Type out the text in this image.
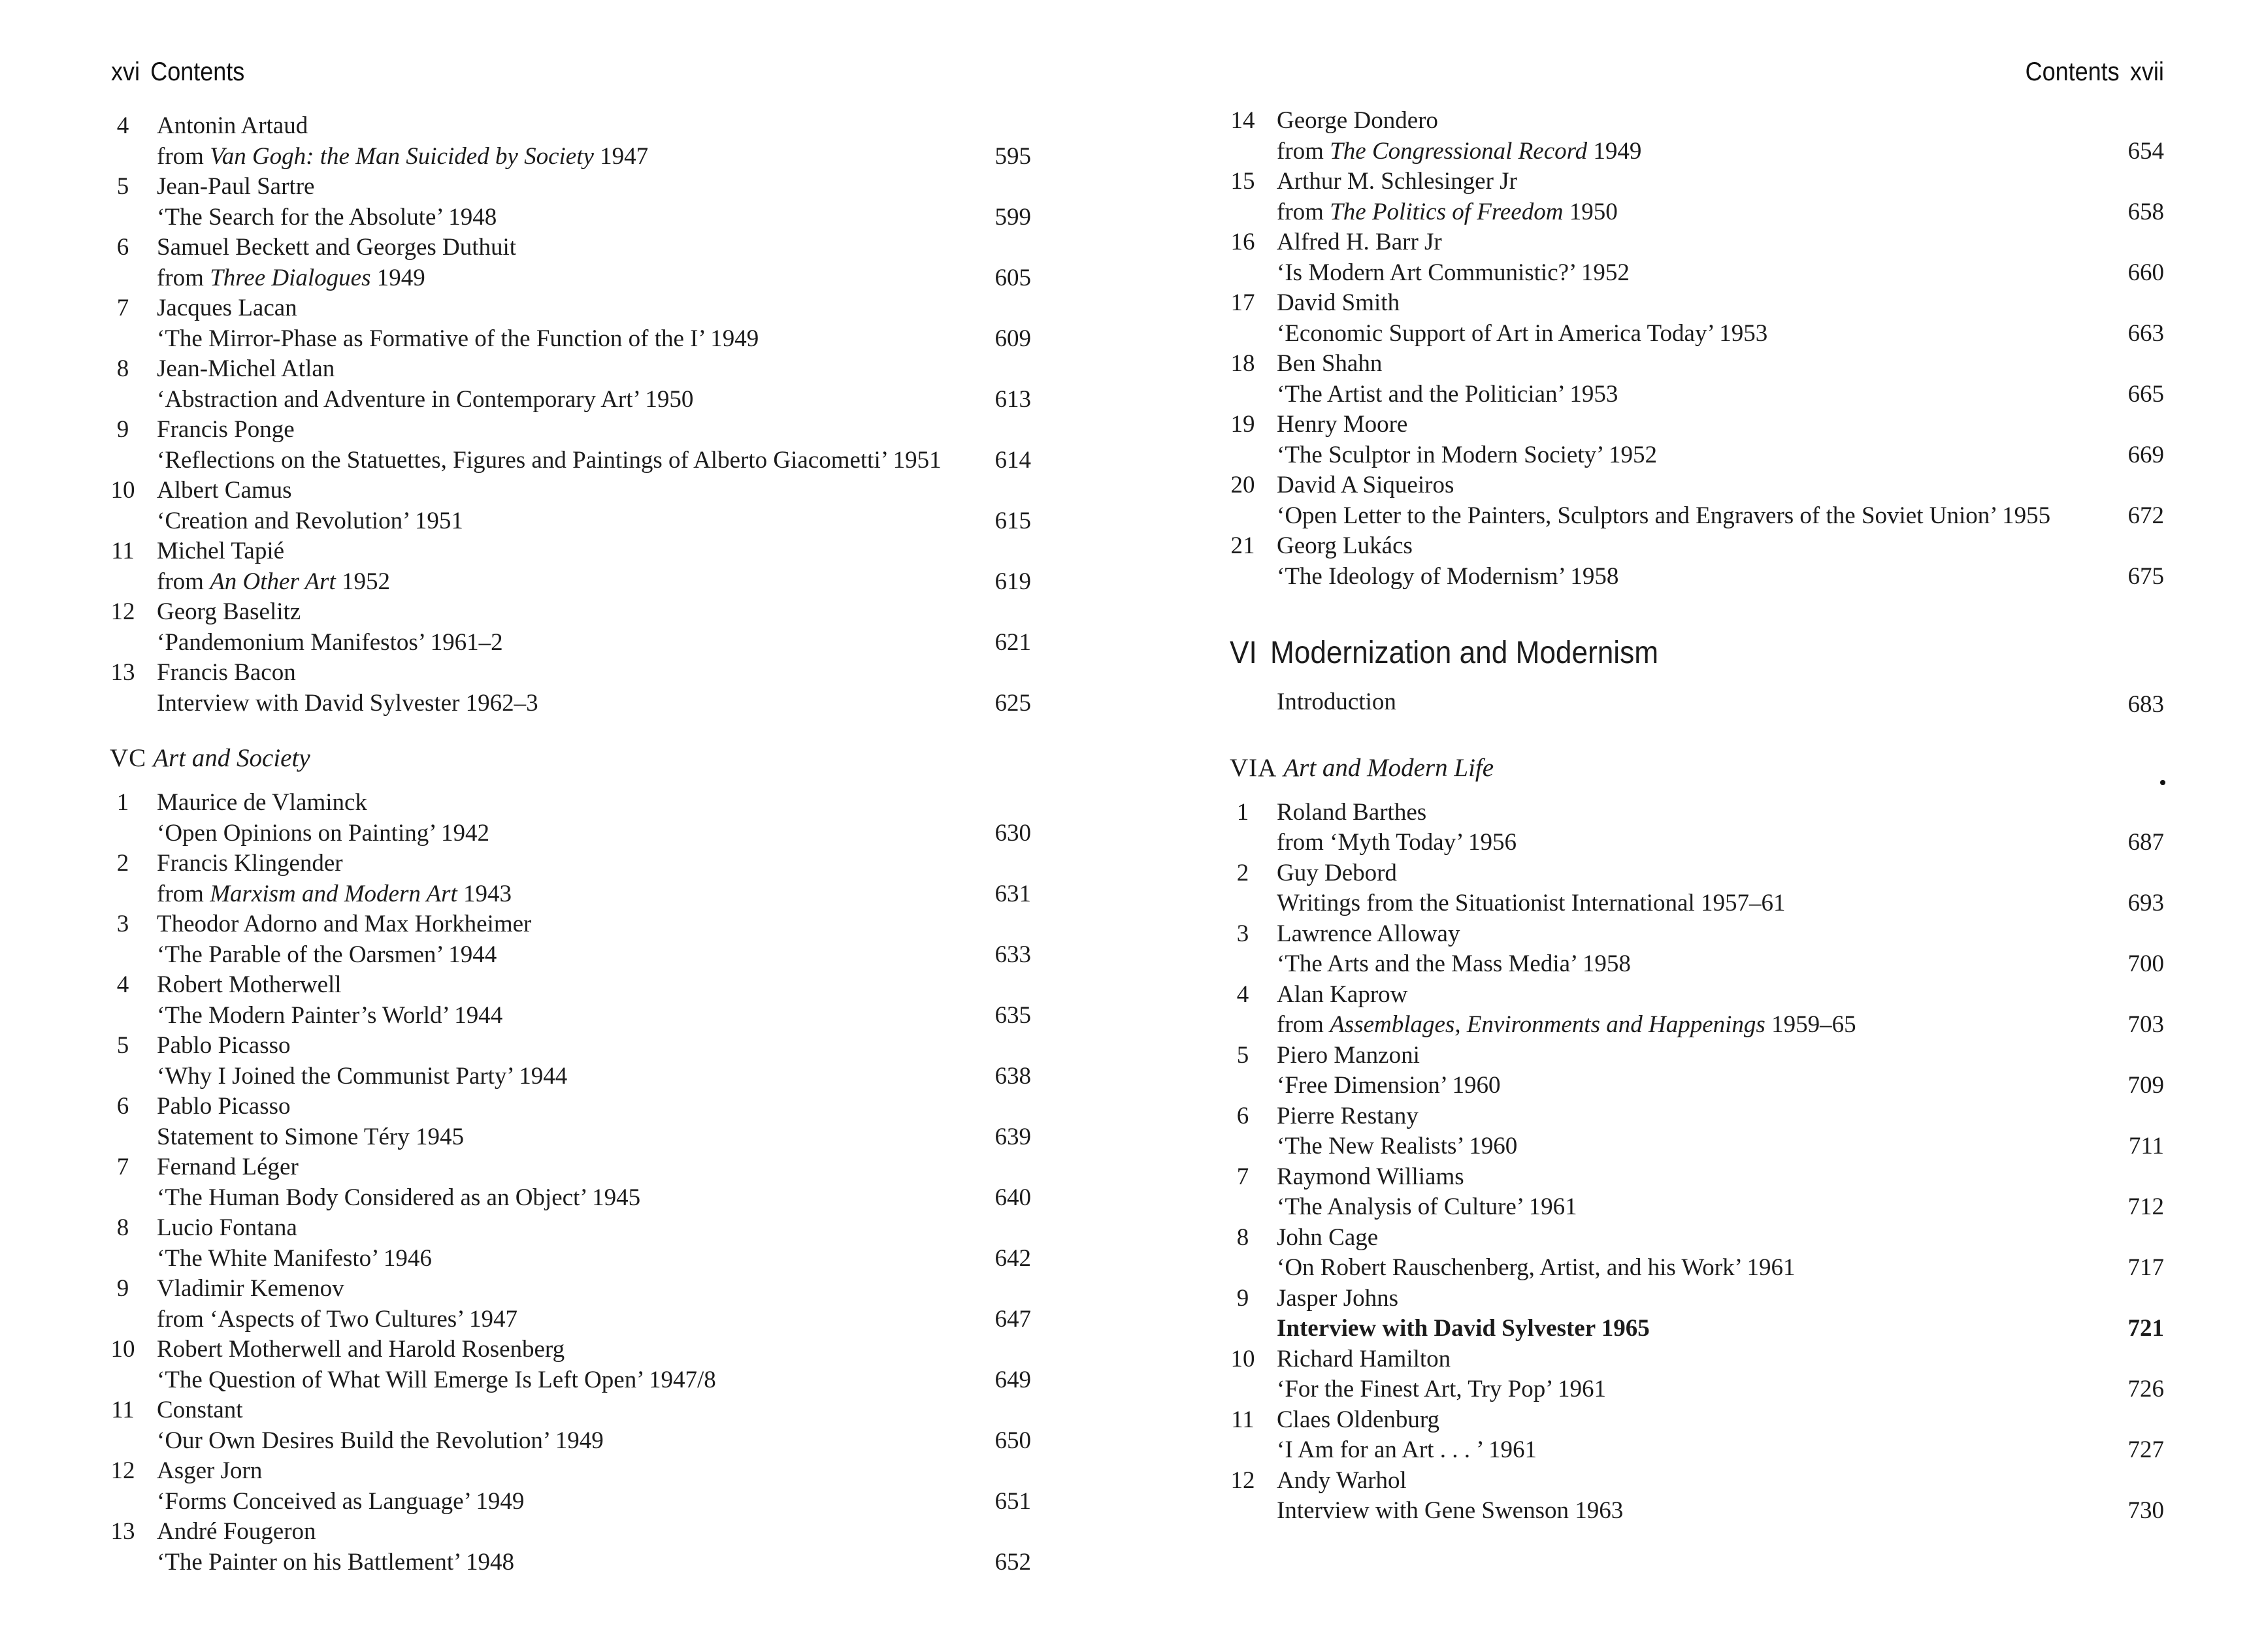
xvi Contents
4	Antonin Artaud
from Van Gogh: the Man Suicided by Society 1947	595
5	Jean-Paul Sartre
‘The Search for the Absolute’ 1948	599
6	Samuel Beckett and Georges Duthuit
from Three Dialogues 1949	605
7	Jacques Lacan
‘The Mirror-Phase as Formative of the Function of the I’ 1949	609
8	Jean-Michel Atlan
‘Abstraction and Adventure in Contemporary Art’ 1950	613
9	Francis Ponge
‘Reflections on the Statuettes, Figures and Paintings of Alberto Giacometti’ 1951 614
10 Albert Camus
‘Creation and Revolution’ 1951	615
11 Michel Tapié
from An Other Art 1952	619
12 Georg Baselitz
‘Pandemonium Manifestos’ 1961–2	621
13 Francis Bacon
Interview with David Sylvester 1962–3	625
VC Art and Society
1	Maurice de Vlaminck
‘Open Opinions on Painting’ 1942	630
2	Francis Klingender
from Marxism and Modern Art 1943	631
3	Theodor Adorno and Max Horkheimer
‘The Parable of the Oarsmen’ 1944	633
4	Robert Motherwell
‘The Modern Painter’s World’ 1944	635
5	Pablo Picasso
‘Why I Joined the Communist Party’ 1944	638
6	Pablo Picasso
Statement to Simone Téry 1945	639
7	Fernand Léger
‘The Human Body Considered as an Object’ 1945	640
8	Lucio Fontana
‘The White Manifesto’ 1946	642
9	Vladimir Kemenov
from ‘Aspects of Two Cultures’ 1947	647
10 Robert Motherwell and Harold Rosenberg
‘The Question of What Will Emerge Is Left Open’ 1947/8	649
11 Constant
‘Our Own Desires Build the Revolution’ 1949	650
12 Asger Jorn
‘Forms Conceived as Language’ 1949	651
13 André Fougeron
‘The Painter on his Battlement’ 1948	652
Contents xvii
14 George Dondero
from The Congressional Record 1949	654
15 Arthur M. Schlesinger Jr
from The Politics of Freedom 1950	658
16 Alfred H. Barr Jr
‘Is Modern Art Communistic?’ 1952	660
17 David Smith
‘Economic Support of Art in America Today’ 1953	663
18 Ben Shahn
‘The Artist and the Politician’ 1953	665
19 Henry Moore
‘The Sculptor in Modern Society’ 1952	669
20 David A Siqueiros
‘Open Letter to the Painters, Sculptors and Engravers of the Soviet Union’ 1955	672
21 Georg Lukács
‘The Ideology of Modernism’ 1958	675
VI Modernization and Modernism
Introduction	683
VIA Art and Modern Life
1	Roland Barthes
from ‘Myth Today’ 1956	687
2	Guy Debord
Writings from the Situationist International 1957–61	693
3	Lawrence Alloway
‘The Arts and the Mass Media’ 1958	700
4	Alan Kaprow
from Assemblages, Environments and Happenings 1959–65	703
5	Piero Manzoni
‘Free Dimension’ 1960	709
6	Pierre Restany
‘The New Realists’ 1960	711
7	Raymond Williams
‘The Analysis of Culture’ 1961	712
8	John Cage
‘On Robert Rauschenberg, Artist, and his Work’ 1961	717
9	Jasper Johns
Interview with David Sylvester 1965	721
10 Richard Hamilton
‘For the Finest Art, Try Pop’ 1961	726
11 Claes Oldenburg
‘I Am for an Art . . . ’ 1961	727
12 Andy Warhol
Interview with Gene Swenson 1963	730
